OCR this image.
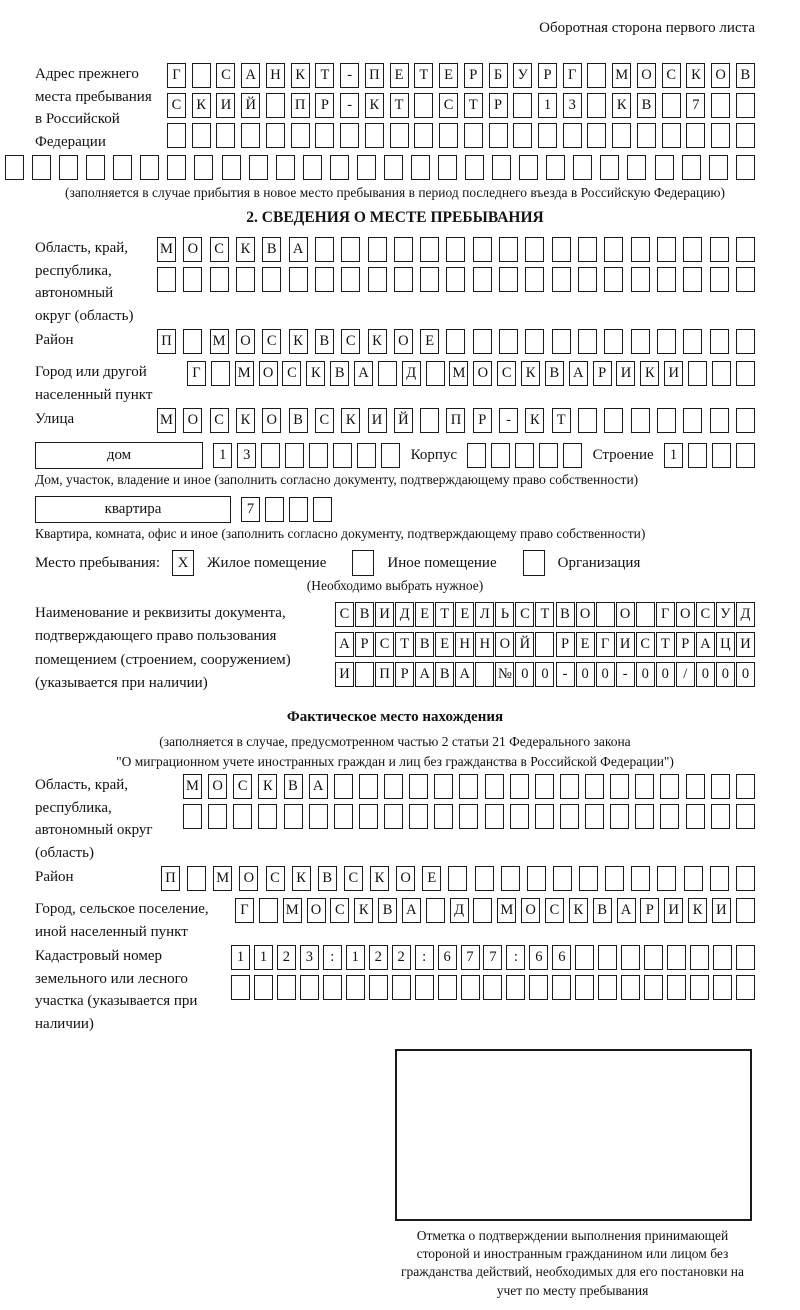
Оборотная сторона первого листа
Адрес прежнего места пребывания в Российской Федерации
Г	С	А Н	К	Т	-	П	Е	Т	Е	Р	Б	У	Р	Г	М О	С	К	О	В
С	К	И Й	П	Р	-	К	Т	С	Т	Р	1	3	К	В	7
(заполняется в случае прибытия в новое место пребывания в период последнего въезда в Российскую Федерацию)
2. СВЕДЕНИЯ О МЕСТЕ ПРЕБЫВАНИЯ
Область, край, республика, автономный округ (область)
М О	С	К	В	А
Район	П	М О	С	К	В	С	К	О	Е
Город или другой населенный пункт
Г	М О С К В А	Д	М О С К В А	Р	И К И
Улица	М О	С	К	О	В	С	К	И Й	П	Р	-	К	Т
дом	1	3	Корпус	Строение	1
Дом, участок, владение и иное (заполнить согласно документу, подтверждающему право собственности)
квартира	7
Квартира, комната, офис и иное (заполнить согласно документу, подтверждающему право собственности)
Место пребывания:	X	Жилое помещение	Иное помещение	Организация
(Необходимо выбрать нужное)
Наименование и реквизиты документа, подтверждающего право пользования помещением (строением, сооружением) (указывается при наличии)
С В И Д Е Т Е Л Ь С Т В О О	Г О С У Д
А Р С Т В Е Н Н О Й	Р Е Г И С Т Р А Ц И
И П Р А В А № 0 0 - 0 0 - 0 0 / 0 0 0
Фактическое место нахождения
(заполняется в случае, предусмотренном частью 2 статьи 21 Федерального закона
"О миграционном учете иностранных граждан и лиц без гражданства в Российской Федерации")
Область, край, республика, автономный округ (область)
М О	С	К	В	А
Район	П	М О	С	К	В	С	К	О	Е
Город, сельское поселение, иной населенный пункт
Г	М О С К В А	Д	М О С К В А	Р	И К И
Кадастровый номер земельного или лесного участка (указывается при наличии)
1	1	2	3	:	1	2	2	:	6	7	7	:	6	6
Отметка о подтверждении выполнения принимающей стороной и иностранным гражданином или лицом без гражданства действий, необходимых для его постановки на учет по месту пребывания
